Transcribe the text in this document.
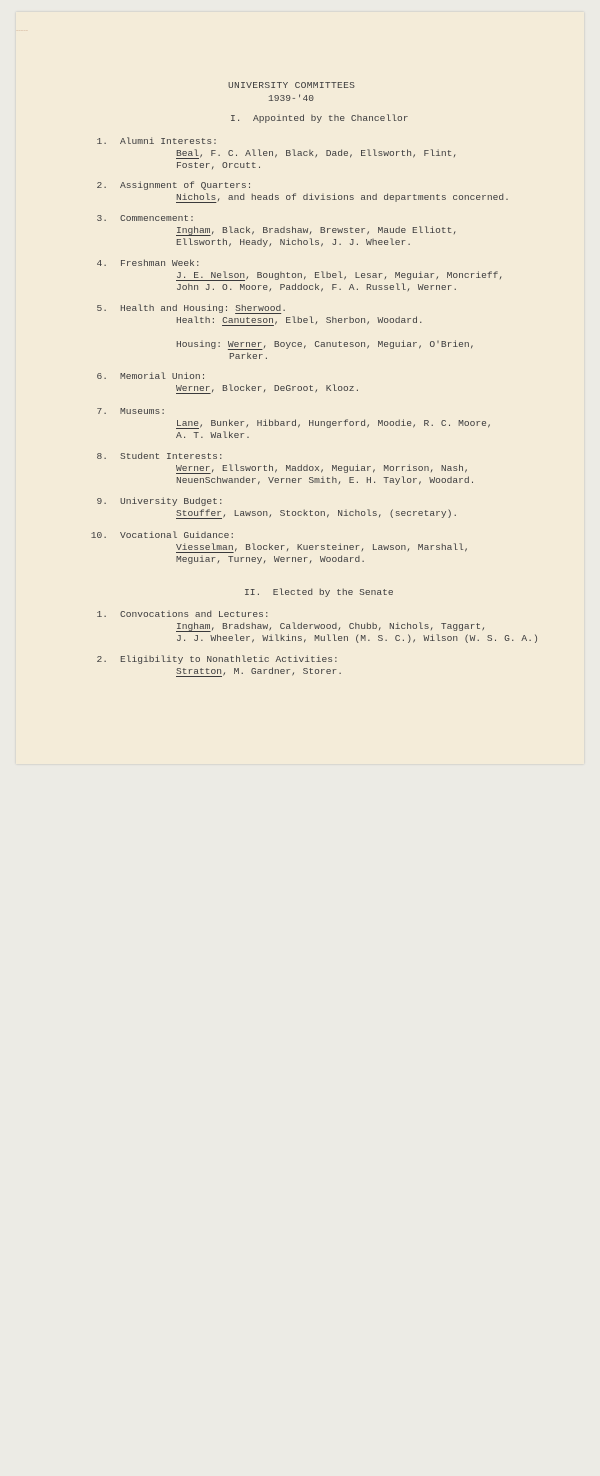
~~~~~

UNIVERSITY COMMITTEES

1939-'40

I.  Appointed by the Chancellor

1.

Alumni Interests:

Beal, F. C. Allen, Black, Dade, Ellsworth, Flint,

Foster, Orcutt.

2.

Assignment of Quarters:

Nichols, and heads of divisions and departments concerned.

3.

Commencement:

Ingham, Black, Bradshaw, Brewster, Maude Elliott,

Ellsworth, Heady, Nichols, J. J. Wheeler.

4.

Freshman Week:

J. E. Nelson, Boughton, Elbel, Lesar, Meguiar, Moncrieff,

John J. O. Moore, Paddock, F. A. Russell, Werner.

5.

Health and Housing: Sherwood.

Health: Canuteson, Elbel, Sherbon, Woodard.

Housing: Werner, Boyce, Canuteson, Meguiar, O'Brien,

Parker.

6.

Memorial Union:

Werner, Blocker, DeGroot, Klooz.

7.

Museums:

Lane, Bunker, Hibbard, Hungerford, Moodie, R. C. Moore,

A. T. Walker.

8.

Student Interests:

Werner, Ellsworth, Maddox, Meguiar, Morrison, Nash,

NeuenSchwander, Verner Smith, E. H. Taylor, Woodard.

9.

University Budget:

Stouffer, Lawson, Stockton, Nichols, (secretary).

10.

Vocational Guidance:

Viesselman, Blocker, Kuersteiner, Lawson, Marshall,

Meguiar, Turney, Werner, Woodard.

II.  Elected by the Senate

1.

Convocations and Lectures:

Ingham, Bradshaw, Calderwood, Chubb, Nichols, Taggart,

J. J. Wheeler, Wilkins, Mullen (M. S. C.), Wilson (W. S. G. A.)

2.

Eligibility to Nonathletic Activities:

Stratton, M. Gardner, Storer.
